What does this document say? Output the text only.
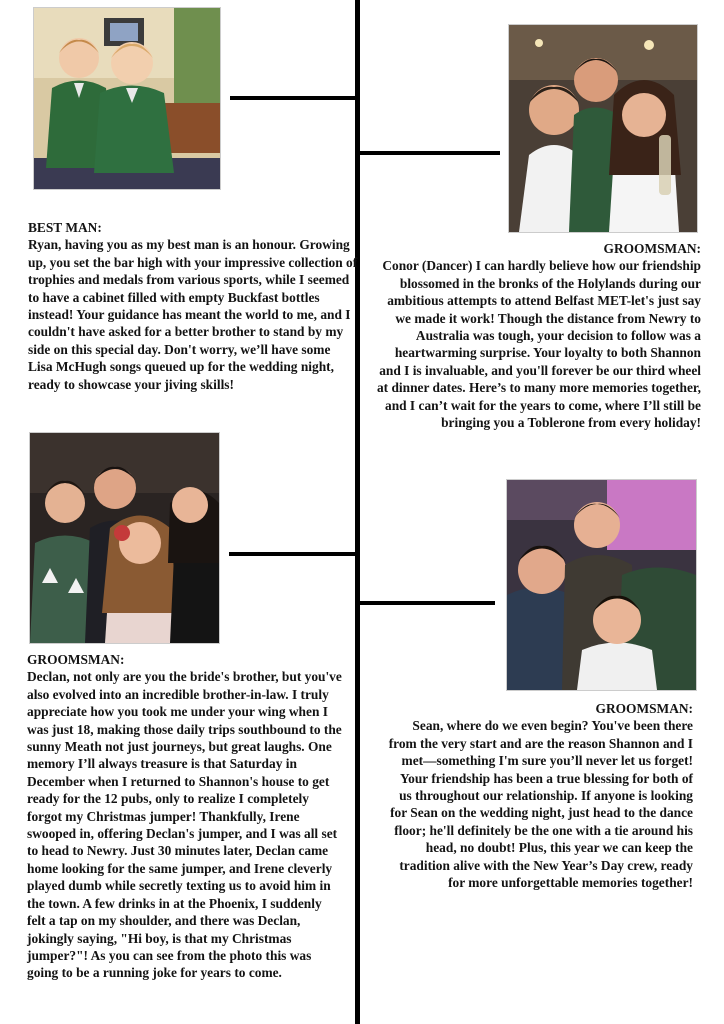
BEST MAN:

Ryan, having you as my best man is an honour. Growing up, you set the bar high with your impressive collection of trophies and medals from various sports, while I seemed to have a cabinet filled with empty Buckfast bottles instead! Your guidance has meant the world to me, and I couldn't have asked for a better brother to stand by my side on this special day. Don't worry, we’ll have some Lisa McHugh songs queued up for the wedding night, ready to showcase your jiving skills!

GROOMSMAN:

Conor (Dancer) I can hardly believe how our friendship blossomed in the bronks of the Holylands during our ambitious attempts to attend Belfast MET-let's just say we made it work! Though the distance from Newry to Australia was tough, your decision to follow was a heartwarming surprise. Your loyalty to both Shannon and I is invaluable, and you'll forever be our third wheel at dinner dates. Here’s to many more memories together, and I can’t wait for the years to come, where I’ll still be bringing you a Toblerone from every holiday!

GROOMSMAN:

Declan, not only are you the bride's brother, but you've also evolved into an incredible brother-in-law. I truly appreciate how you took me under your wing when I was just 18, making those daily trips southbound to the sunny Meath not just journeys, but great laughs. One memory I’ll always treasure is that Saturday in December when I returned to Shannon's house to get ready for the 12 pubs, only to realize I completely forgot my Christmas jumper! Thankfully, Irene swooped in, offering Declan's jumper, and I was all set to head to Newry. Just 30 minutes later, Declan came home looking for the same jumper, and Irene cleverly played dumb while secretly texting us to avoid him in the town. A few drinks in at the Phoenix, I suddenly felt a tap on my shoulder, and there was Declan, jokingly saying, "Hi boy, is that my Christmas jumper?"! As you can see from the photo this was going to be a running joke for years to come.

GROOMSMAN:

Sean, where do we even begin? You've been there from the very start and are the reason Shannon and I met—something I'm sure you’ll never let us forget! Your friendship has been a true blessing for both of us throughout our relationship. If anyone is looking for Sean on the wedding night, just head to the dance floor; he'll definitely be the one with a tie around his head, no doubt! Plus, this year we can keep the tradition alive with the New Year’s Day crew, ready for more unforgettable memories together!
